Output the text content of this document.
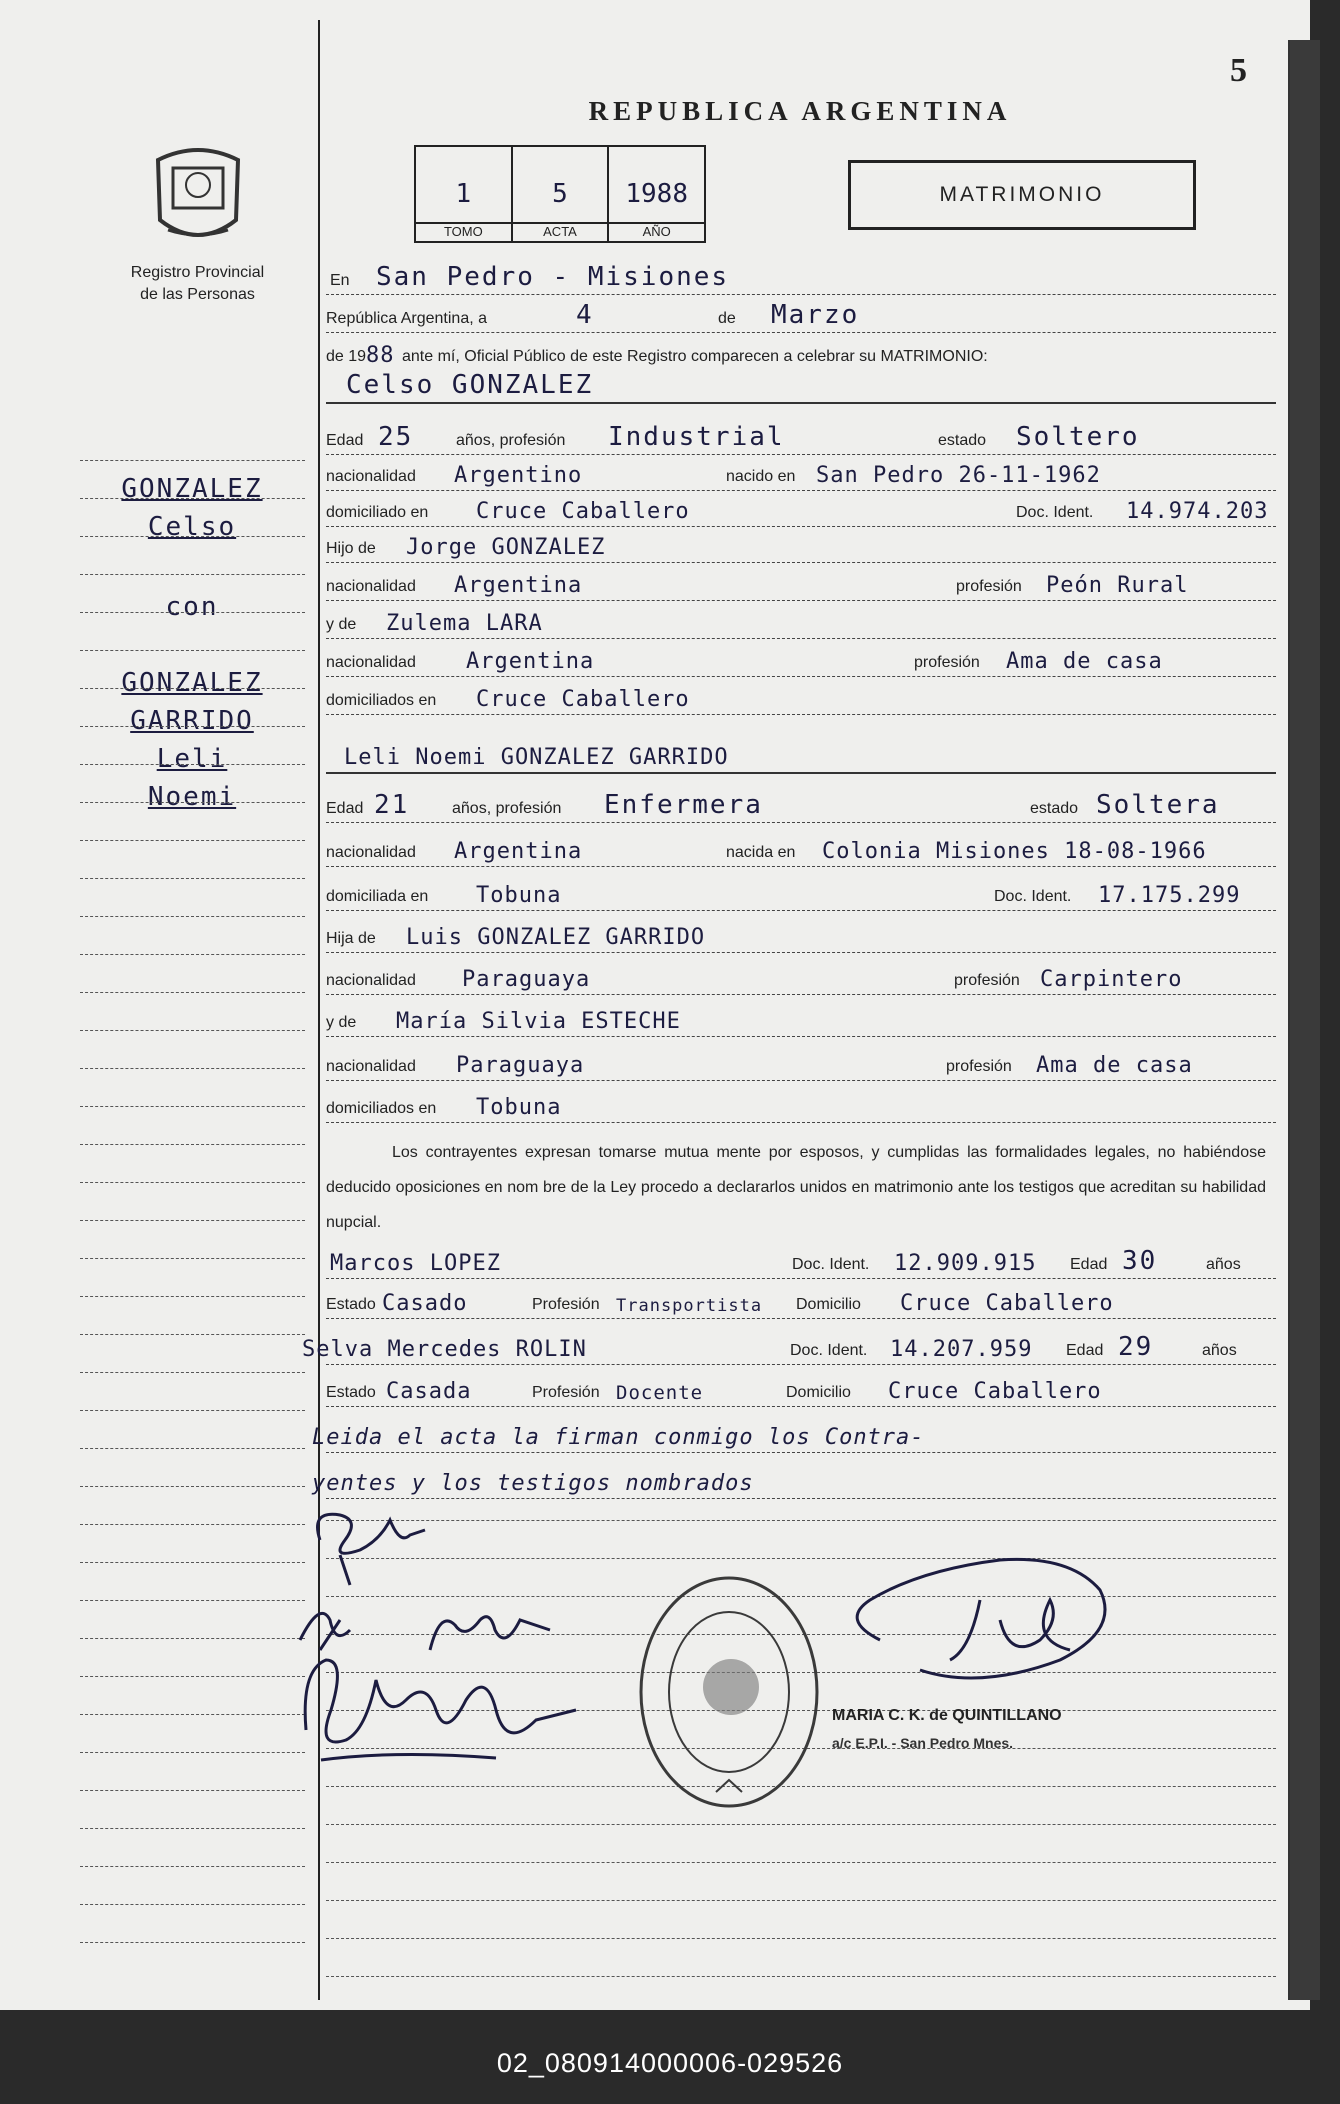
5
REPUBLICA ARGENTINA
1
TOMO
5
ACTA
1988
AÑO
MATRIMONIO
Registro Provincial
de las Personas
GONZALEZ
Celso
con
GONZALEZ
GARRIDO
Leli
Noemi
En San Pedro - Misiones
República Argentina, a	4	de Marzo
de 19 88 ante mí, Oficial Público de este Registro comparecen a celebrar su MATRIMONIO:
Celso GONZALEZ
Edad 25	años, profesión Industrial	estado Soltero
nacionalidad Argentino	nacido en San Pedro 26-11-1962
domiciliado en Cruce Caballero	Doc. Ident. 14.974.203
Hijo de Jorge GONZALEZ
nacionalidad Argentina	profesión Peón Rural
y de Zulema LARA
nacionalidad Argentina	profesión Ama de casa
domiciliados en Cruce Caballero
Leli Noemi GONZALEZ GARRIDO
Edad 21	años, profesión Enfermera	estado Soltera
nacionalidad Argentina	nacida en Colonia Misiones 18-08-1966
domiciliada en Tobuna	Doc. Ident. 17.175.299
Hija de Luis GONZALEZ GARRIDO
nacionalidad Paraguaya	profesión Carpintero
y de María Silvia ESTECHE
nacionalidad Paraguaya	profesión Ama de casa
domiciliados en Tobuna
Los contrayentes expresan tomarse mutua mente por esposos, y cumplidas las formalidades legales, no habiéndose deducido oposiciones en nom bre de la Ley procedo a declararlos unidos en matrimonio ante los testigos que acreditan su habilidad nupcial.
Marcos LOPEZ	Doc. Ident. 12.909.915 Edad 30	años
Estado Casado	Profesión Transportista Domicilio Cruce Caballero
Selva Mercedes ROLIN	Doc. Ident. 14.207.959 Edad 29	años
Estado Casada	Profesión Docente	Domicilio Cruce Caballero
Leida el acta la firman conmigo los Contra-
yentes y los testigos nombrados
MARIA C. K. de QUINTILLANO
a/c E.P.I. - San Pedro Mnes.
02_080914000006-029526
